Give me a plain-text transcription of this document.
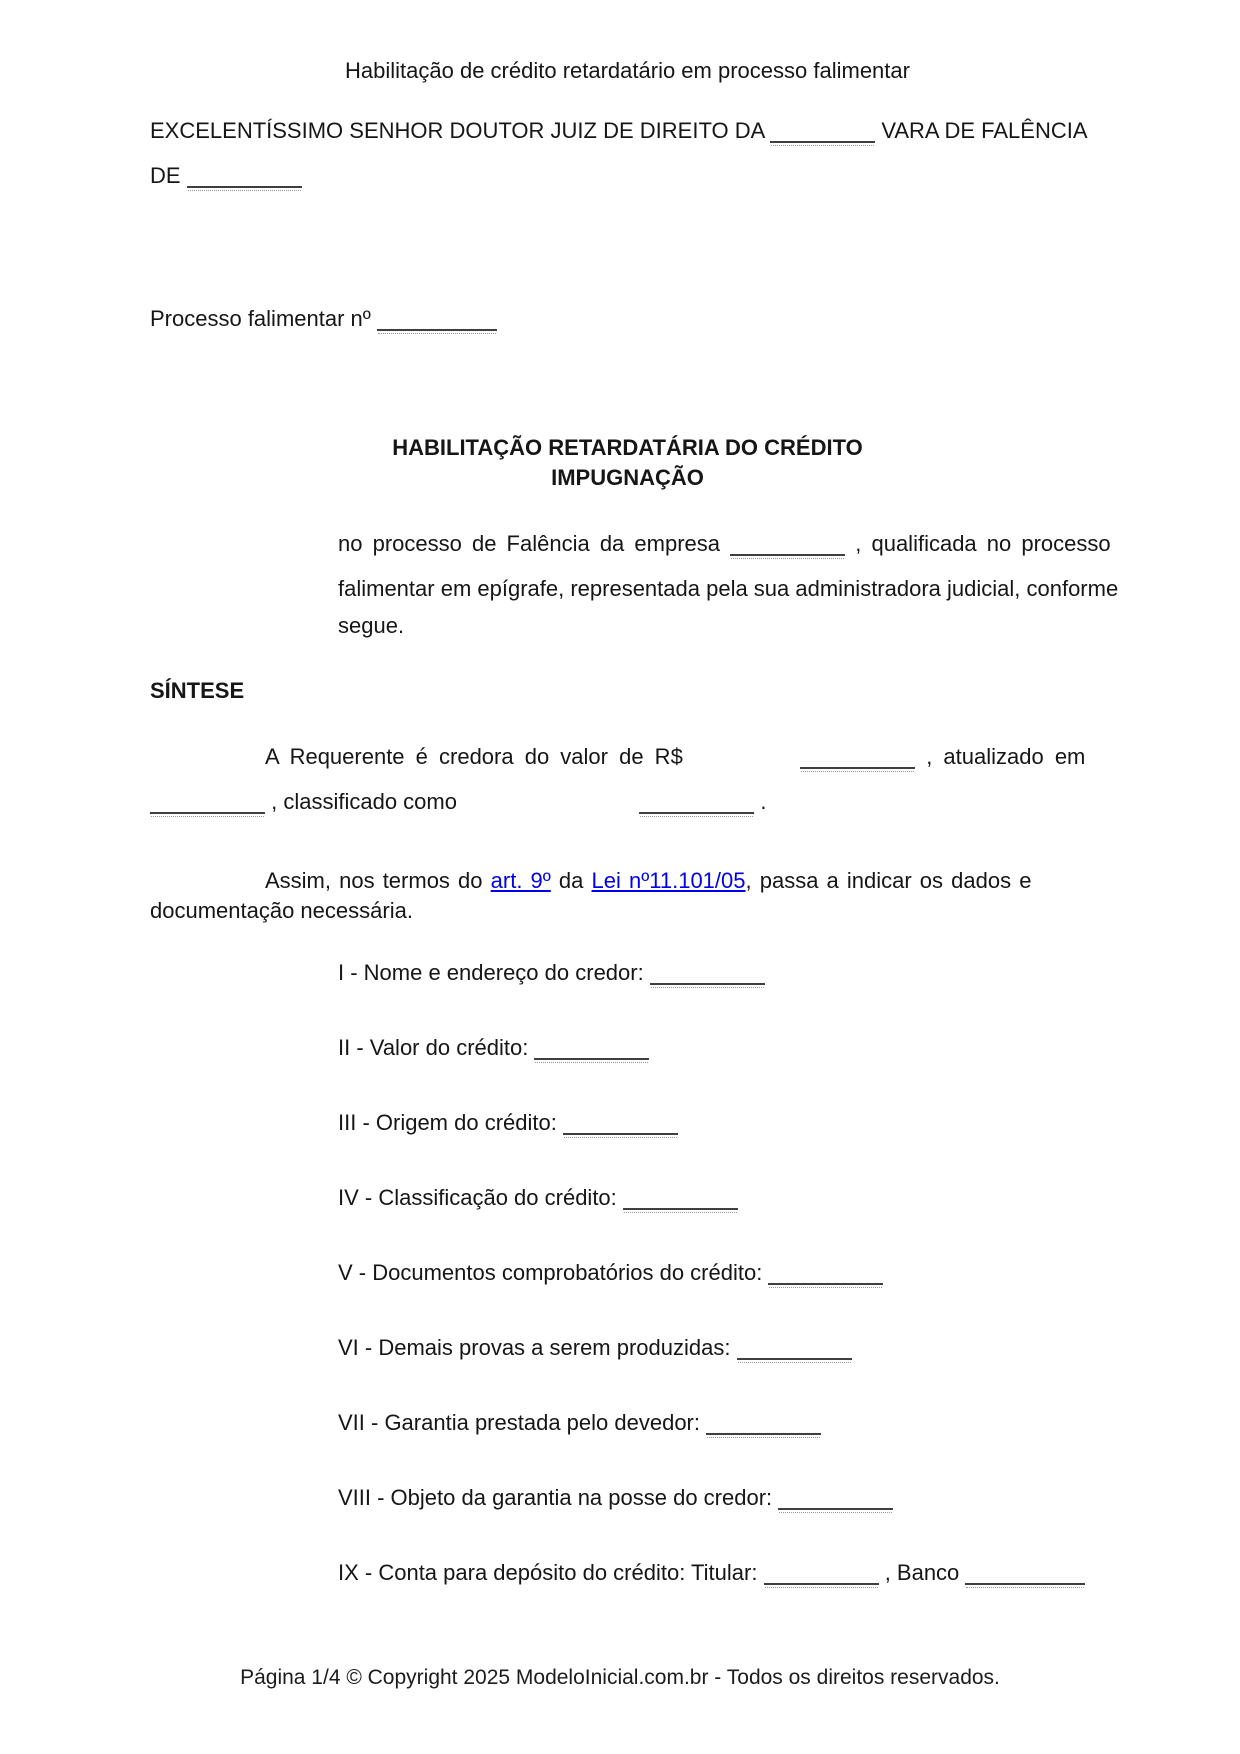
Habilitação de crédito retardatário em processo falimentar
EXCELENTÍSSIMO SENHOR DOUTOR JUIZ DE DIREITO DA	VARA DE FALÊNCIA
DE
Processo falimentar nº
HABILITAÇÃO RETARDATÁRIA DO CRÉDITO
IMPUGNAÇÃO
no processo de Falência da empresa	, qualificada no processo
falimentar em epígrafe, representada pela sua administradora judicial, conforme
segue.
SÍNTESE
A Requerente é credora do valor de R$	, atualizado em
, classificado como	.
Assim, nos termos do art. 9º da Lei nº11.101/05, passa a indicar os dados e
documentação necessária.
I - Nome e endereço do credor:
II - Valor do crédito:
III - Origem do crédito:
IV - Classificação do crédito:
V - Documentos comprobatórios do crédito:
VI - Demais provas a serem produzidas:
VII - Garantia prestada pelo devedor:
VIII - Objeto da garantia na posse do credor:
IX - Conta para depósito do crédito: Titular:	, Banco
Página 1/4 © Copyright 2025 ModeloInicial.com.br - Todos os direitos reservados.
